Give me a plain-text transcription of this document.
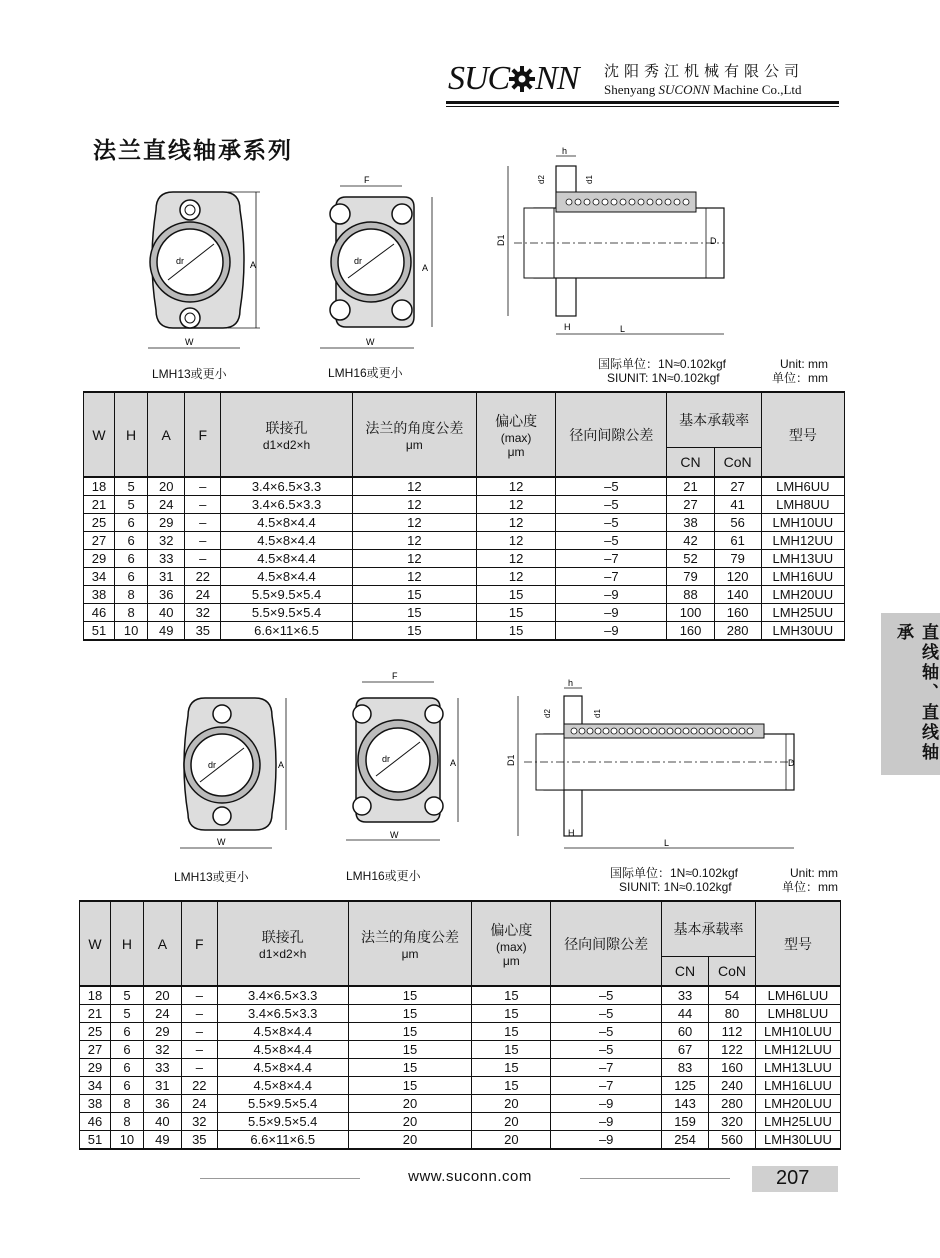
SUC NN 沈阳秀江机械有限公司
Shenyang SUCONN Machine Co.,Ltd
法兰直线轴承系列
直线轴、直线轴承
dr	A
W
dr
F
A
W
h
d2	d1
D1	D
L
H
LMH13或更小	LMH16或更小
国际单位：1N≈0.102kgf	Unit: mm
SIUNIT: 1N≈0.102kgf	单位：mm
W	H	A	F	联接孔
d1×d2×h	法兰的角度公差
μm	偏心度
(max)
μm	径向间隙公差	基本承载率		型号
								CN	CoN	
18	5	20	–	3.4×6.5×3.3	12	12	–5	21	27	LMH6UU
21	5	24	–	3.4×6.5×3.3	12	12	–5	27	41	LMH8UU
25	6	29	–	4.5×8×4.4	12	12	–5	38	56	LMH10UU
27	6	32	–	4.5×8×4.4	12	12	–5	42	61	LMH12UU
29	6	33	–	4.5×8×4.4	12	12	–7	52	79	LMH13UU
34	6	31	22	4.5×8×4.4	12	12	–7	79	120	LMH16UU
38	8	36	24	5.5×9.5×5.4	15	15	–9	88	140	LMH20UU
46	8	40	32	5.5×9.5×5.4	15	15	–9	100	160	LMH25UU
51	10	49	35	6.6×11×6.5	15	15	–9	160	280	LMH30UU
dr	A
W
dr
F
A
W
h
d2	d1
D1	D
L
H
LMH13或更小	LMH16或更小	国际单位：1N≈0.102kgf	Unit: mm
SIUNIT: 1N≈0.102kgf	单位：mm
W	H	A	F	联接孔
d1×d2×h	法兰的角度公差
μm	偏心度
(max)
μm	径向间隙公差	基本承载率		型号
								CN	CoN	
18	5	20	–	3.4×6.5×3.3	15	15	–5	33	54	LMH6LUU
21	5	24	–	3.4×6.5×3.3	15	15	–5	44	80	LMH8LUU
25	6	29	–	4.5×8×4.4	15	15	–5	60	112	LMH10LUU
27	6	32	–	4.5×8×4.4	15	15	–5	67	122	LMH12LUU
29	6	33	–	4.5×8×4.4	15	15	–7	83	160	LMH13LUU
34	6	31	22	4.5×8×4.4	15	15	–7	125	240	LMH16LUU
38	8	36	24	5.5×9.5×5.4	20	20	–9	143	280	LMH20LUU
46	8	40	32	5.5×9.5×5.4	20	20	–9	159	320	LMH25LUU
51	10	49	35	6.6×11×6.5	20	20	–9	254	560	LMH30LUU
www.suconn.com	207
